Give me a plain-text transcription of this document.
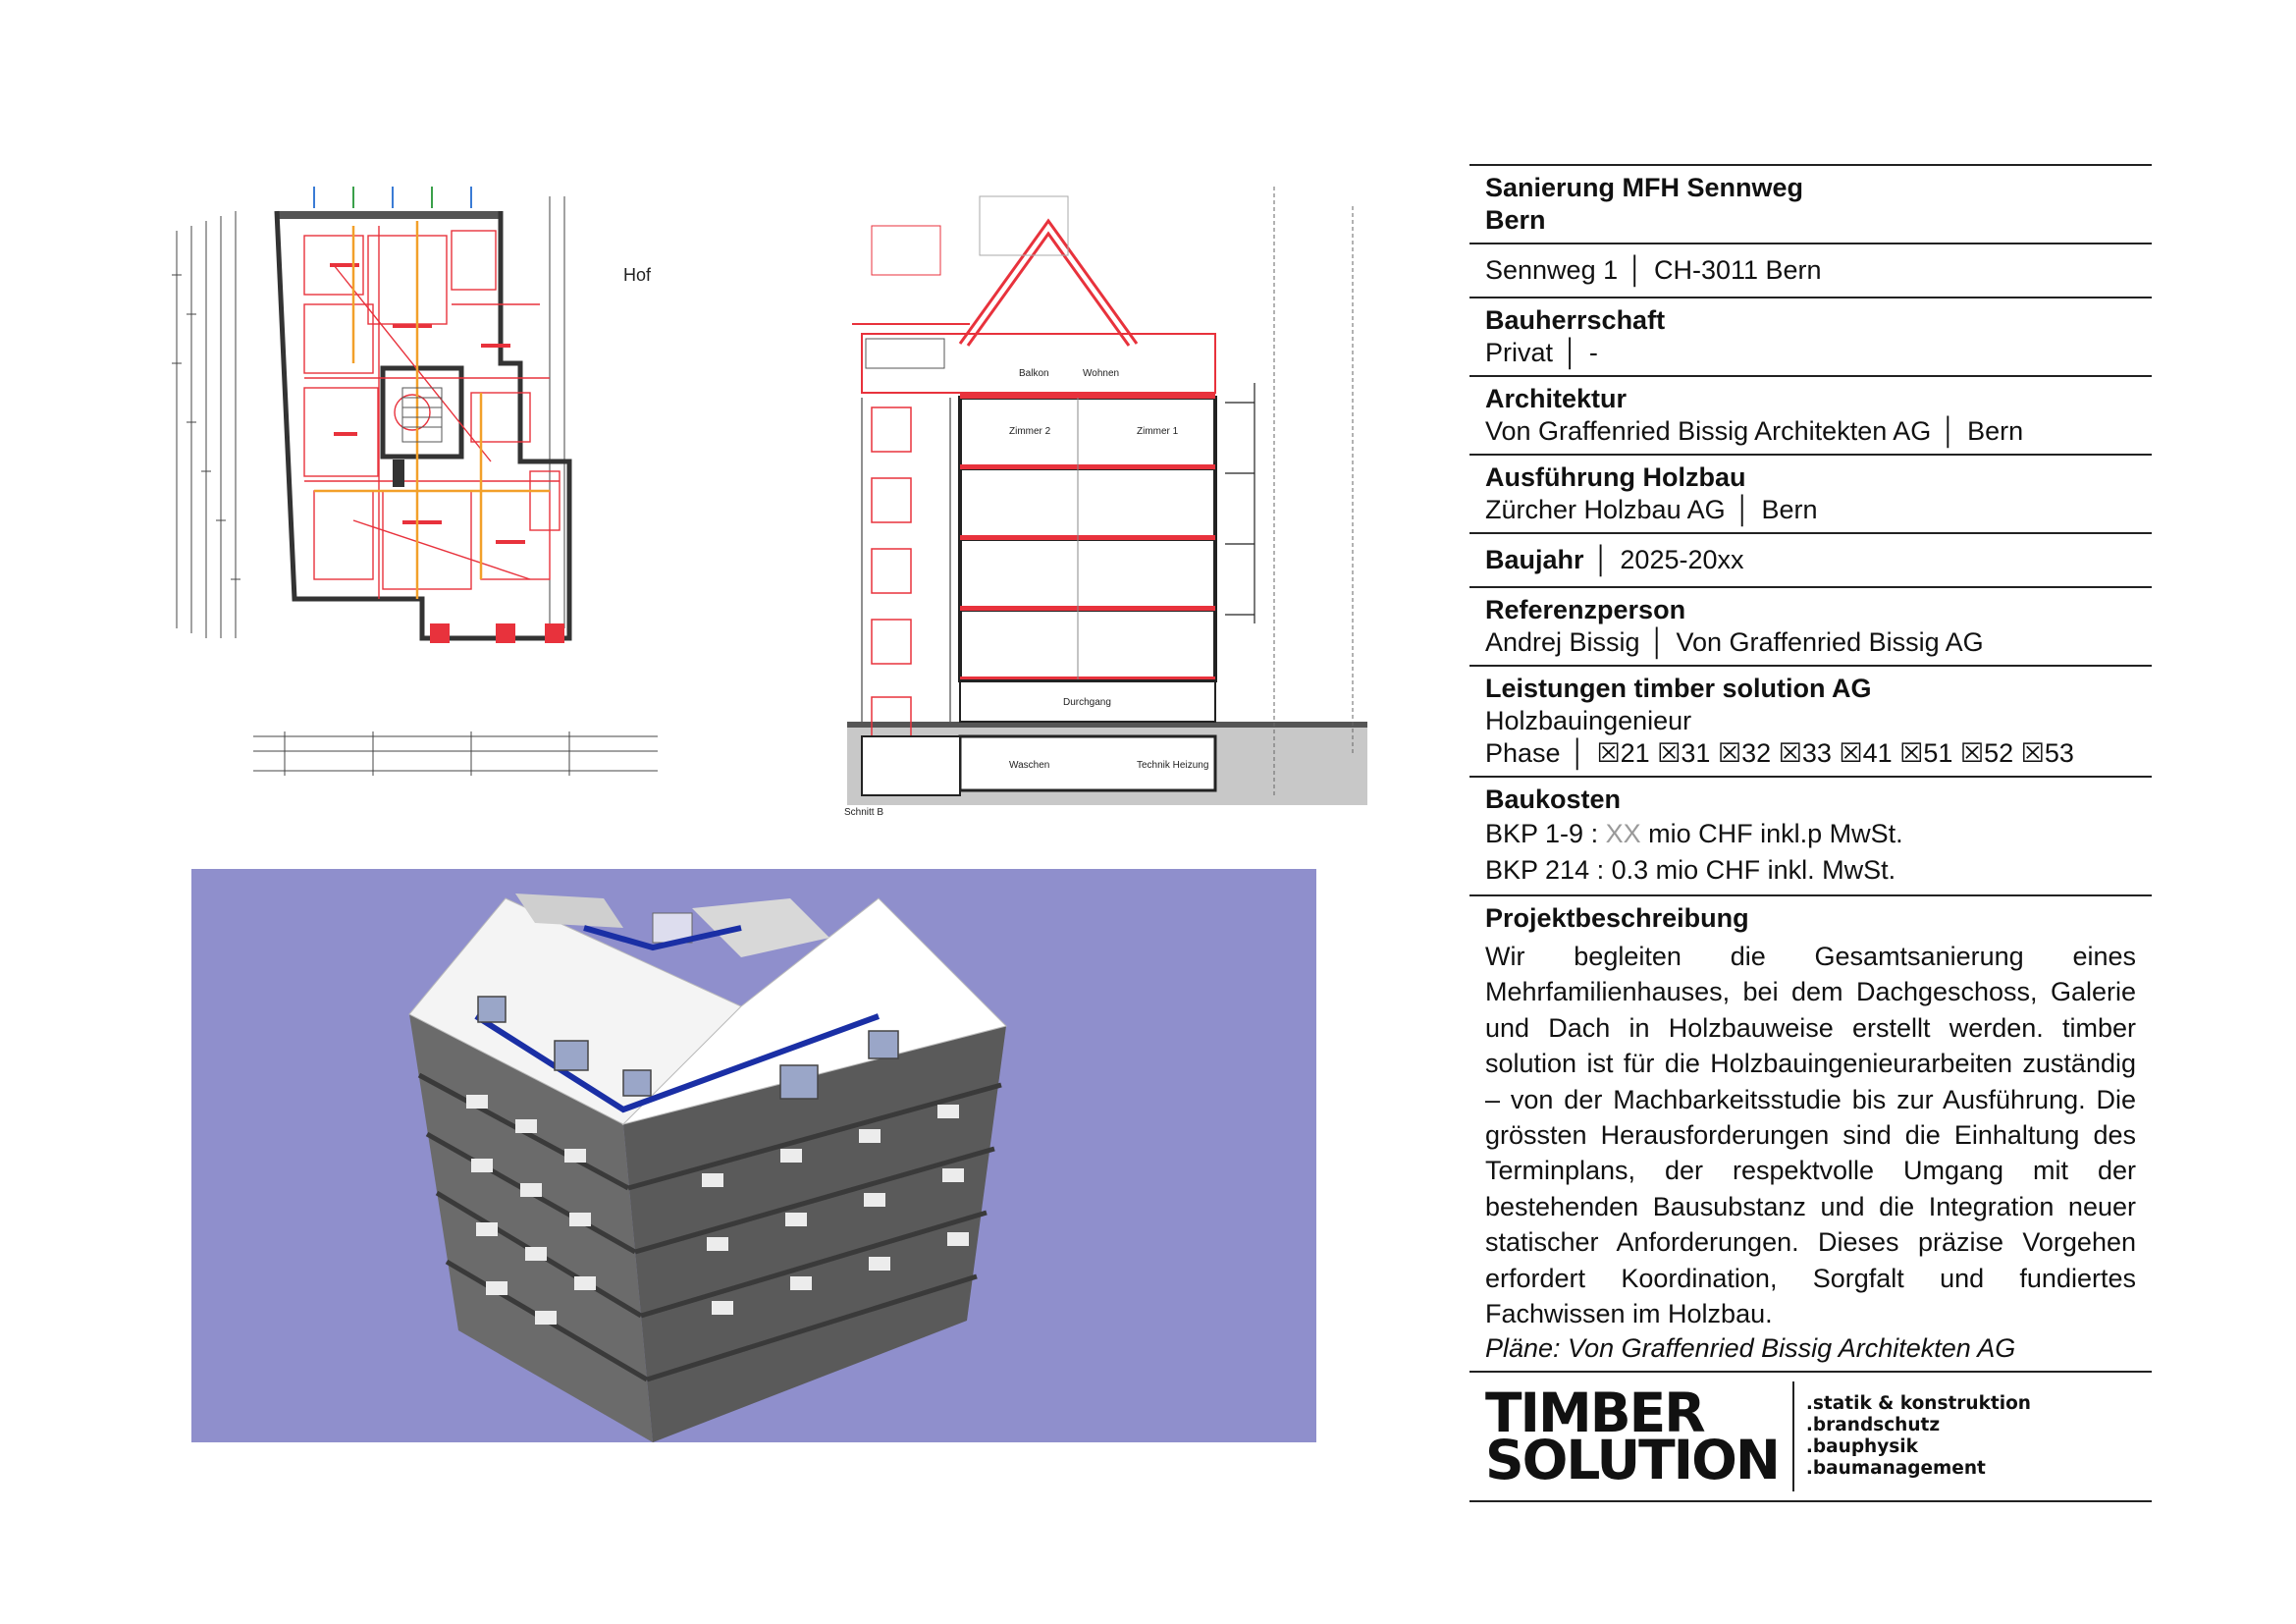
Hof
Balkon	Wohnen
Zimmer 2	Zimmer 1
Durchgang
Waschen	Technik Heizung
Schnitt B
Sanierung MFH Sennweg
Bern
Sennweg 1 │ CH-3011 Bern
Bauherrschaft
Privat │ -
Architektur
Von Graffenried Bissig Architekten AG │ Bern
Ausführung Holzbau
Zürcher Holzbau AG │ Bern
Baujahr │ 2025-20xx
Referenzperson
Andrej Bissig │ Von Graffenried Bissig AG
Leistungen timber solution AG
Holzbauingenieur
Phase │ ☒21 ☒31 ☒32 ☒33 ☒41 ☒51 ☒52 ☒53
Baukosten
BKP 1-9 : XX mio CHF inkl.p MwSt.
BKP 214 : 0.3 mio CHF inkl. MwSt.
Projektbeschreibung
Wir begleiten die Gesamtsanierung eines
Mehrfamilienhauses, bei dem Dachgeschoss, Galerie
und Dach in Holzbauweise erstellt werden. timber
solution ist für die Holzbauingenieurarbeiten zuständig
– von der Machbarkeitsstudie bis zur Ausführung. Die
grössten Herausforderungen sind die Einhaltung des
Terminplans, der respektvolle Umgang mit der
bestehenden Bausubstanz und die Integration neuer
statischer Anforderungen. Dieses präzise Vorgehen
erfordert Koordination, Sorgfalt und fundiertes
Fachwissen im Holzbau.
Pläne: Von Graffenried Bissig Architekten AG
TIMBER
SOLUTION
.statik & konstruktion
.brandschutz
.bauphysik
.baumanagement
